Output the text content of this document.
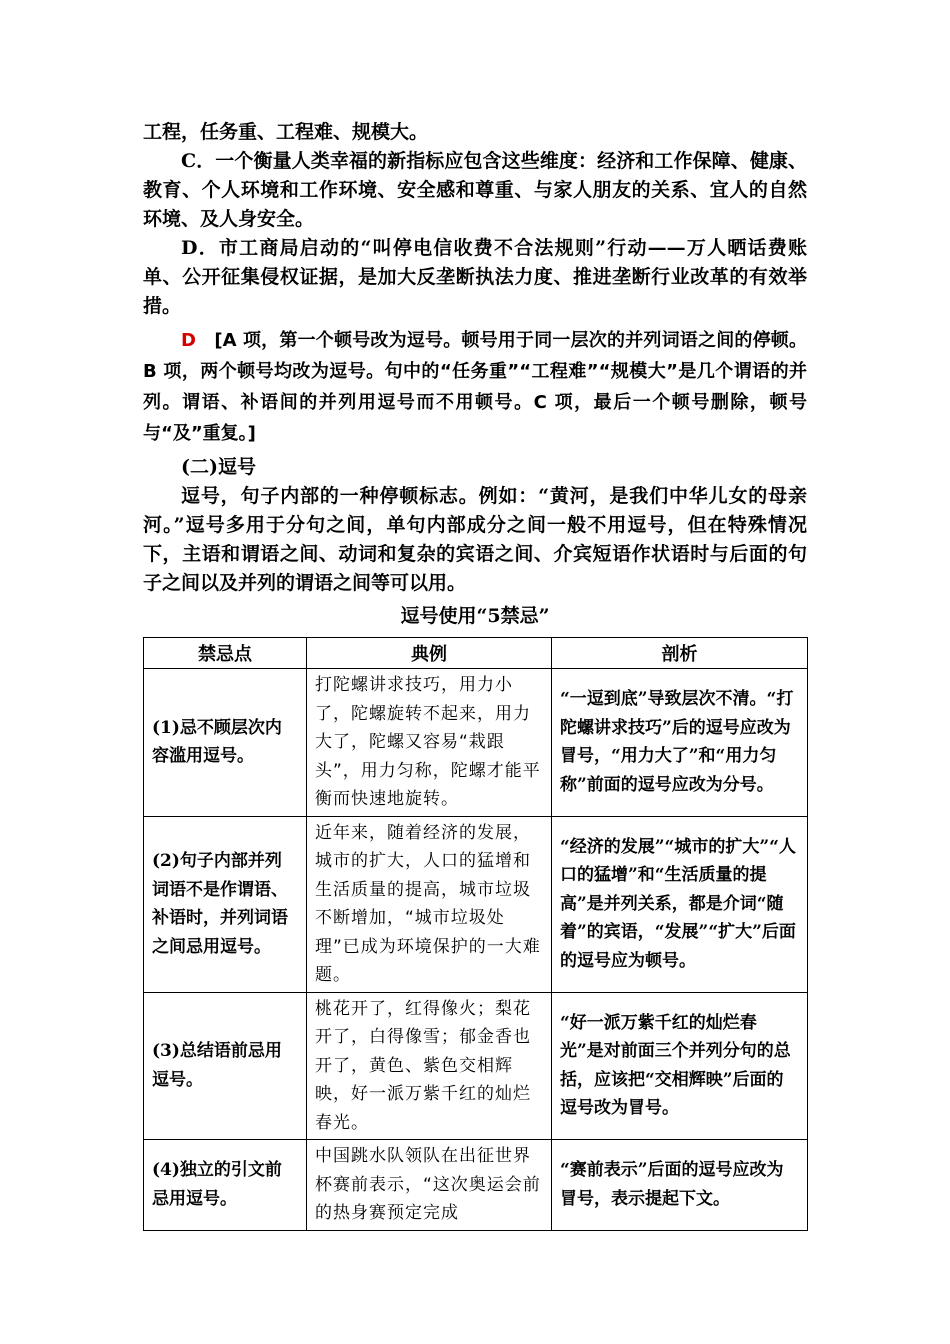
工程，任务重、工程难、规模大。

C．一个衡量人类幸福的新指标应包含这些维度：经济和工作保障、健康、教育、个人环境和工作环境、安全感和尊重、与家人朋友的关系、宜人的自然环境、及人身安全。

D．市工商局启动的“叫停电信收费不合法规则”行动——万人晒话费账单、公开征集侵权证据，是加大反垄断执法力度、推进垄断行业改革的有效举措。

D　 [A 项，第一个顿号改为逗号。顿号用于同一层次的并列词语之间的停顿。B 项，两个顿号均改为逗号。句中的“任务重”“工程难”“规模大”是几个谓语的并列。谓语、补语间的并列用逗号而不用顿号。C 项，最后一个顿号删除，顿号与“及”重复。]

(二)逗号

逗号，句子内部的一种停顿标志。例如：“黄河，是我们中华儿女的母亲河。”逗号多用于分句之间，单句内部成分之间一般不用逗号，但在特殊情况下，主语和谓语之间、动词和复杂的宾语之间、介宾短语作状语时与后面的句子之间以及并列的谓语之间等可以用。

逗号使用“5禁忌”

禁忌点	典例	剖析
(1)忌不顾层次内容滥用逗号。	打陀螺讲求技巧，用力小了，陀螺旋转不起来，用力大了，陀螺又容易“栽跟头”，用力匀称，陀螺才能平衡而快速地旋转。	“一逗到底”导致层次不清。“打陀螺讲求技巧”后的逗号应改为冒号，“用力大了”和“用力匀称”前面的逗号应改为分号。
(2)句子内部并列词语不是作谓语、补语时，并列词语之间忌用逗号。	近年来，随着经济的发展，城市的扩大，人口的猛增和生活质量的提高，城市垃圾不断增加，“城市垃圾处理”已成为环境保护的一大难题。	“经济的发展”“城市的扩大”“人口的猛增”和“生活质量的提高”是并列关系，都是介词“随着”的宾语，“发展”“扩大”后面的逗号应为顿号。
(3)总结语前忌用逗号。	桃花开了，红得像火；梨花开了，白得像雪；郁金香也开了，黄色、紫色交相辉映，好一派万紫千红的灿烂春光。	“好一派万紫千红的灿烂春光”是对前面三个并列分句的总括，应该把“交相辉映”后面的逗号改为冒号。
(4)独立的引文前忌用逗号。	中国跳水队领队在出征世界杯赛前表示，“这次奥运会前的热身赛预定完成	“赛前表示”后面的逗号应改为冒号，表示提起下文。
